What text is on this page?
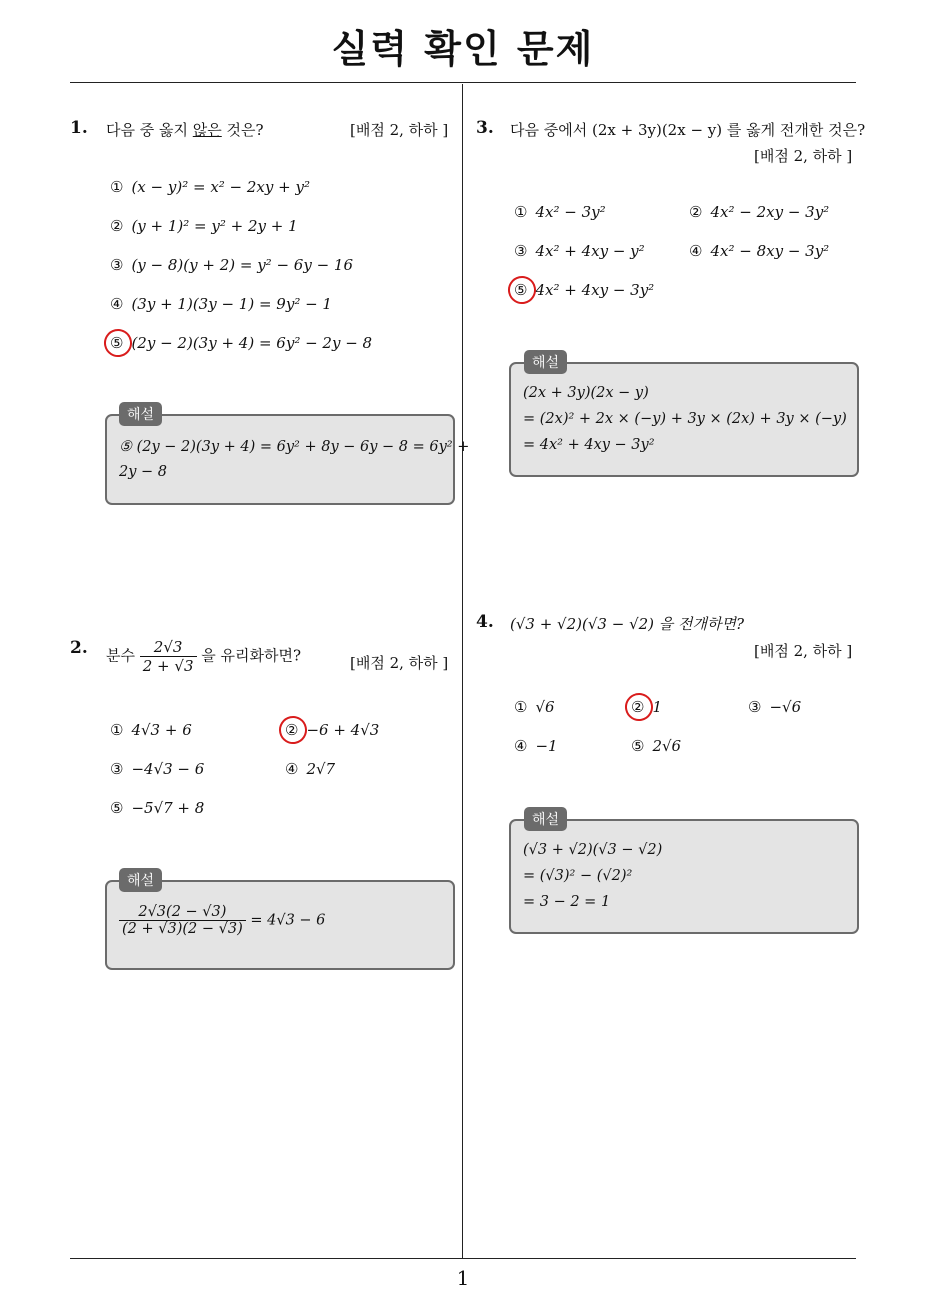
실력 확인 문제
1
1. 다음 중 옳지 않은 것은?	[배점 2, 하하 ]
① (x − y)² = x² − 2xy + y²
② (y + 1)² = y² + 2y + 1
③ (y − 8)(y + 2) = y² − 6y − 16
④ (3y + 1)(3y − 1) = 9y² − 1
⑤ (2y − 2)(3y + 4) = 6y² − 2y − 8
⑤ (2y − 2)(3y + 4) = 6y² + 8y − 6y − 8 = 6y² +
2y − 8
해설
2. 분수 $\frac{2√3}{2 + √3}$ 을 유리화하면?	[배점 2, 하하 ]
① 4√3 + 6	② −6 + 4√3
③ −4√3 − 6	④ 2√7
⑤ −5√7 + 8
$\frac{2√3(2 - √3)}{(2 + √3)(2 - √3)} = 4√3 - 6$
해설
3. 다음 중에서 (2x + 3y)(2x − y) 를 옳게 전개한 것은?
[배점 2, 하하 ]
① 4x² − 3y²	② 4x² − 2xy − 3y²
③ 4x² + 4xy − y²	④ 4x² − 8xy − 3y²
⑤ 4x² + 4xy − 3y²
(2x + 3y)(2x − y)
= (2x)² + 2x × (−y) + 3y × (2x) + 3y × (−y)
= 4x² + 4xy − 3y²
해설
4. (√3 + √2)(√3 − √2) 을 전개하면?
[배점 2, 하하 ]
① √6	② 1	③ −√6
④ −1	⑤ 2√6
(√3 + √2)(√3 − √2)
= (√3)² − (√2)²
= 3 − 2 = 1
해설
